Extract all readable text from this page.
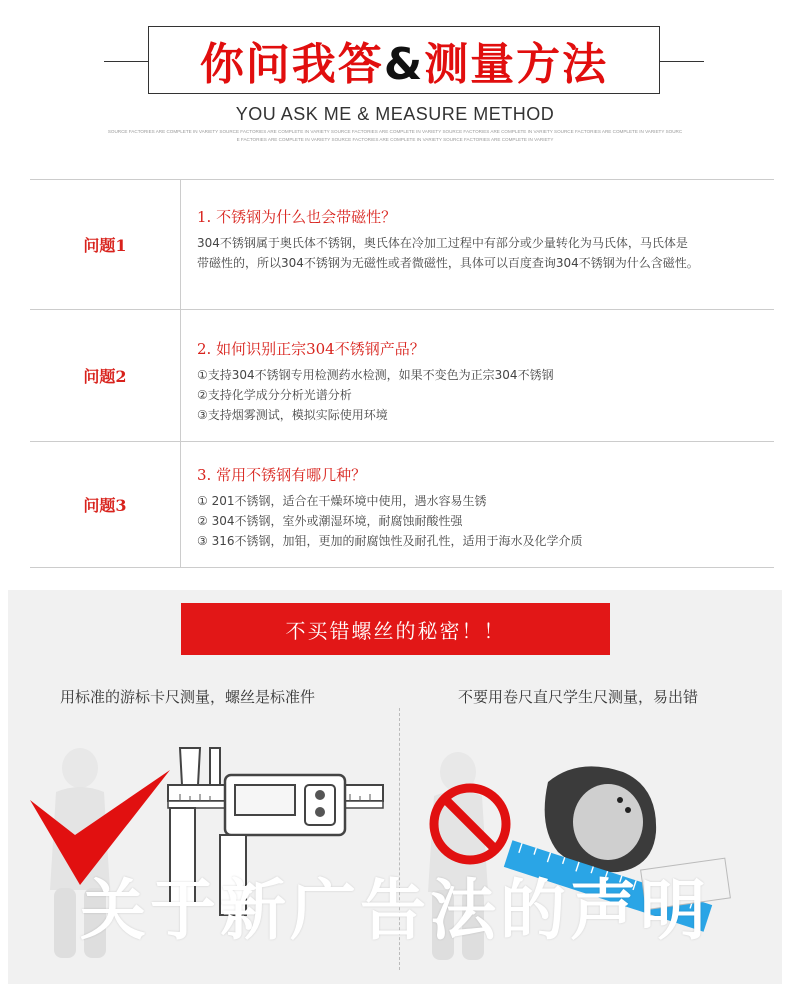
你问我答&测量方法
YOU ASK ME & MEASURE METHOD
SOURCE FACTORIES ARE COMPLETE IN VARIETY SOURCE FACTORIES ARE COMPLETE IN VARIETY SOURCE FACTORIES ARE COMPLETE IN VARIETY SOURCE FACTORIES ARE COMPLETE IN VARIETY SOURCE FACTORIES ARE COMPLETE IN VARIETY SOURC
E FACTORIES ARE COMPLETE IN VARIETY SOURCE FACTORIES ARE COMPLETE IN VARIETY SOURCE FACTORIES ARE COMPLETE IN VARIETY
问题1
1. 不锈钢为什么也会带磁性？
304不锈钢属于奥氏体不锈钢，奥氏体在冷加工过程中有部分或少量转化为马氏体，马氏体是
带磁性的，所以304不锈钢为无磁性或者微磁性，具体可以百度查询304不锈钢为什么含磁性。
问题2
2. 如何识别正宗304不锈钢产品？
①支持304不锈钢专用检测药水检测，如果不变色为正宗304不锈钢
②支持化学成分分析光谱分析
③支持烟雾测试，模拟实际使用环境
问题3
3. 常用不锈钢有哪几种？
① 201不锈钢，适合在干燥环境中使用，遇水容易生锈
② 304不锈钢，室外或潮湿环境，耐腐蚀耐酸性强
③ 316不锈钢，加钼，更加的耐腐蚀性及耐孔性，适用于海水及化学介质
不买错螺丝的秘密！！
用标准的游标卡尺测量，螺丝是标准件	不要用卷尺直尺学生尺测量，易出错
关于新广告法的声明
